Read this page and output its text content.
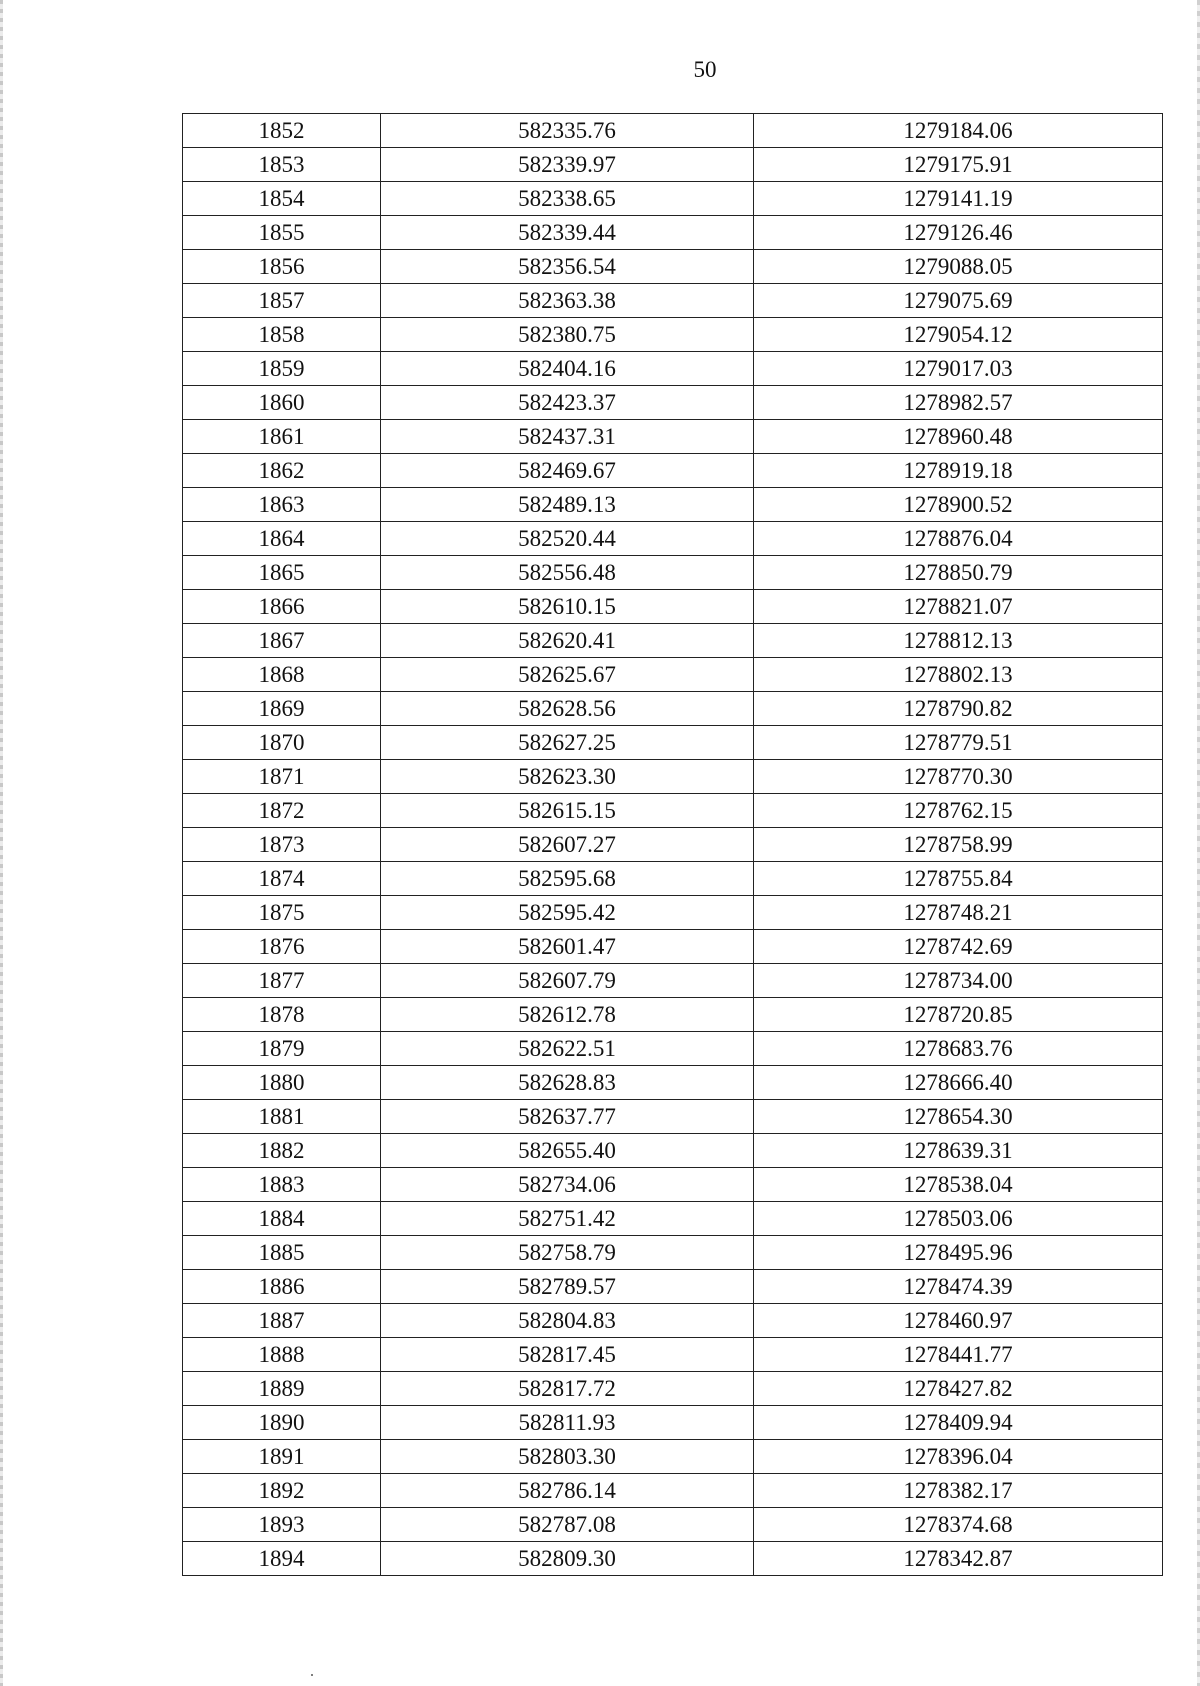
50
1852	582335.76	1279184.06
1853	582339.97	1279175.91
1854	582338.65	1279141.19
1855	582339.44	1279126.46
1856	582356.54	1279088.05
1857	582363.38	1279075.69
1858	582380.75	1279054.12
1859	582404.16	1279017.03
1860	582423.37	1278982.57
1861	582437.31	1278960.48
1862	582469.67	1278919.18
1863	582489.13	1278900.52
1864	582520.44	1278876.04
1865	582556.48	1278850.79
1866	582610.15	1278821.07
1867	582620.41	1278812.13
1868	582625.67	1278802.13
1869	582628.56	1278790.82
1870	582627.25	1278779.51
1871	582623.30	1278770.30
1872	582615.15	1278762.15
1873	582607.27	1278758.99
1874	582595.68	1278755.84
1875	582595.42	1278748.21
1876	582601.47	1278742.69
1877	582607.79	1278734.00
1878	582612.78	1278720.85
1879	582622.51	1278683.76
1880	582628.83	1278666.40
1881	582637.77	1278654.30
1882	582655.40	1278639.31
1883	582734.06	1278538.04
1884	582751.42	1278503.06
1885	582758.79	1278495.96
1886	582789.57	1278474.39
1887	582804.83	1278460.97
1888	582817.45	1278441.77
1889	582817.72	1278427.82
1890	582811.93	1278409.94
1891	582803.30	1278396.04
1892	582786.14	1278382.17
1893	582787.08	1278374.68
1894	582809.30	1278342.87
